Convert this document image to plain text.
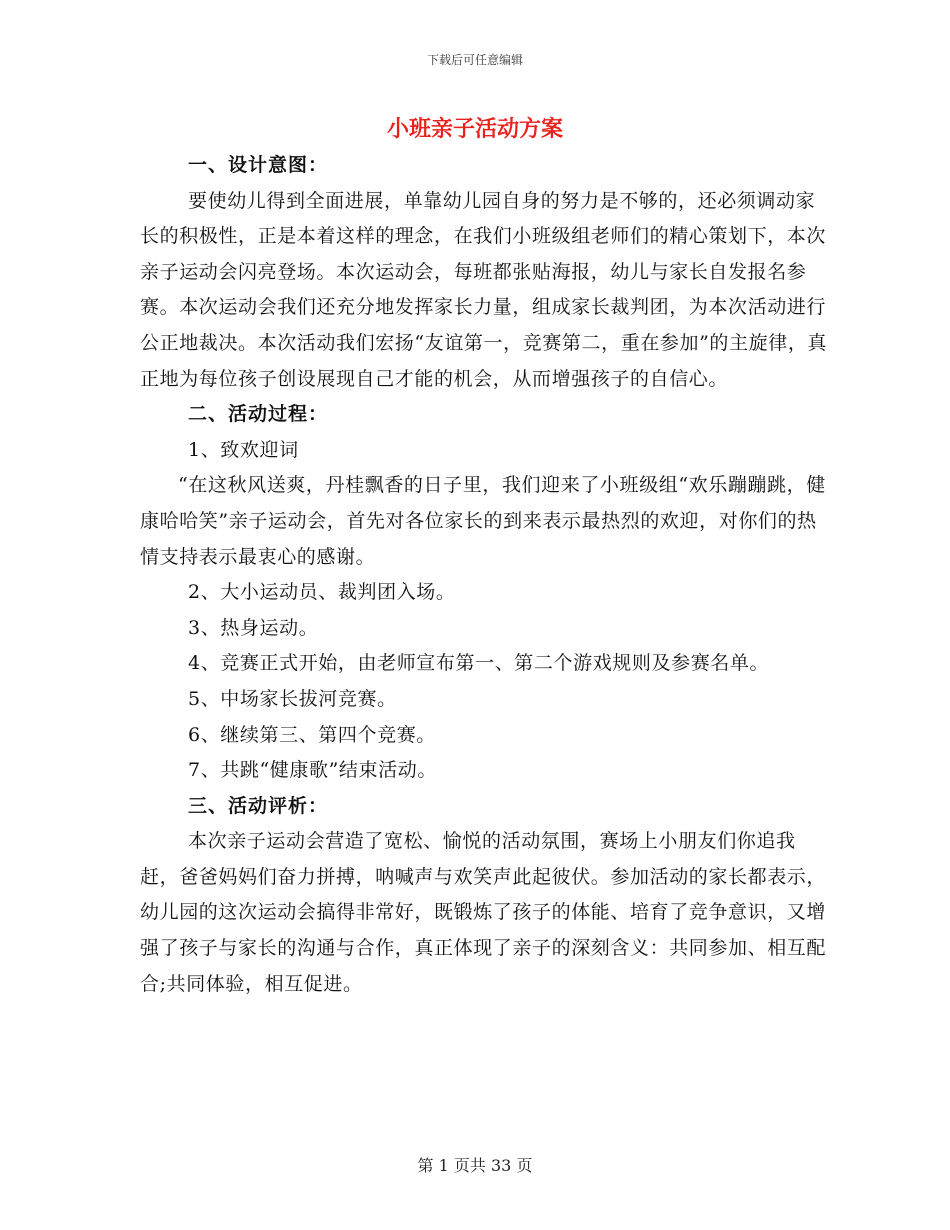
下载后可任意编辑
小班亲子活动方案

一、设计意图：

要使幼儿得到全面进展，单靠幼儿园自身的努力是不够的，还必须调动家长的积极性，正是本着这样的理念，在我们小班级组老师们的精心策划下，本次亲子运动会闪亮登场。本次运动会，每班都张贴海报，幼儿与家长自发报名参赛。本次运动会我们还充分地发挥家长力量，组成家长裁判团，为本次活动进行公正地裁决。本次活动我们宏扬“友谊第一，竞赛第二，重在参加”的主旋律，真正地为每位孩子创设展现自己才能的机会，从而增强孩子的自信心。

二、活动过程：

1、致欢迎词

“在这秋风送爽，丹桂飘香的日子里，我们迎来了小班级组“欢乐蹦蹦跳，健康哈哈笑”亲子运动会，首先对各位家长的到来表示最热烈的欢迎，对你们的热情支持表示最衷心的感谢。

2、大小运动员、裁判团入场。

3、热身运动。

4、竞赛正式开始，由老师宣布第一、第二个游戏规则及参赛名单。

5、中场家长拔河竞赛。

6、继续第三、第四个竞赛。

7、共跳“健康歌”结束活动。

三、活动评析：

本次亲子运动会营造了宽松、愉悦的活动氛围，赛场上小朋友们你追我赶，爸爸妈妈们奋力拼搏，呐喊声与欢笑声此起彼伏。参加活动的家长都表示，幼儿园的这次运动会搞得非常好，既锻炼了孩子的体能、培育了竞争意识，又增强了孩子与家长的沟通与合作，真正体现了亲子的深刻含义：共同参加、相互配合;共同体验，相互促进。

第 1 页共 33 页
